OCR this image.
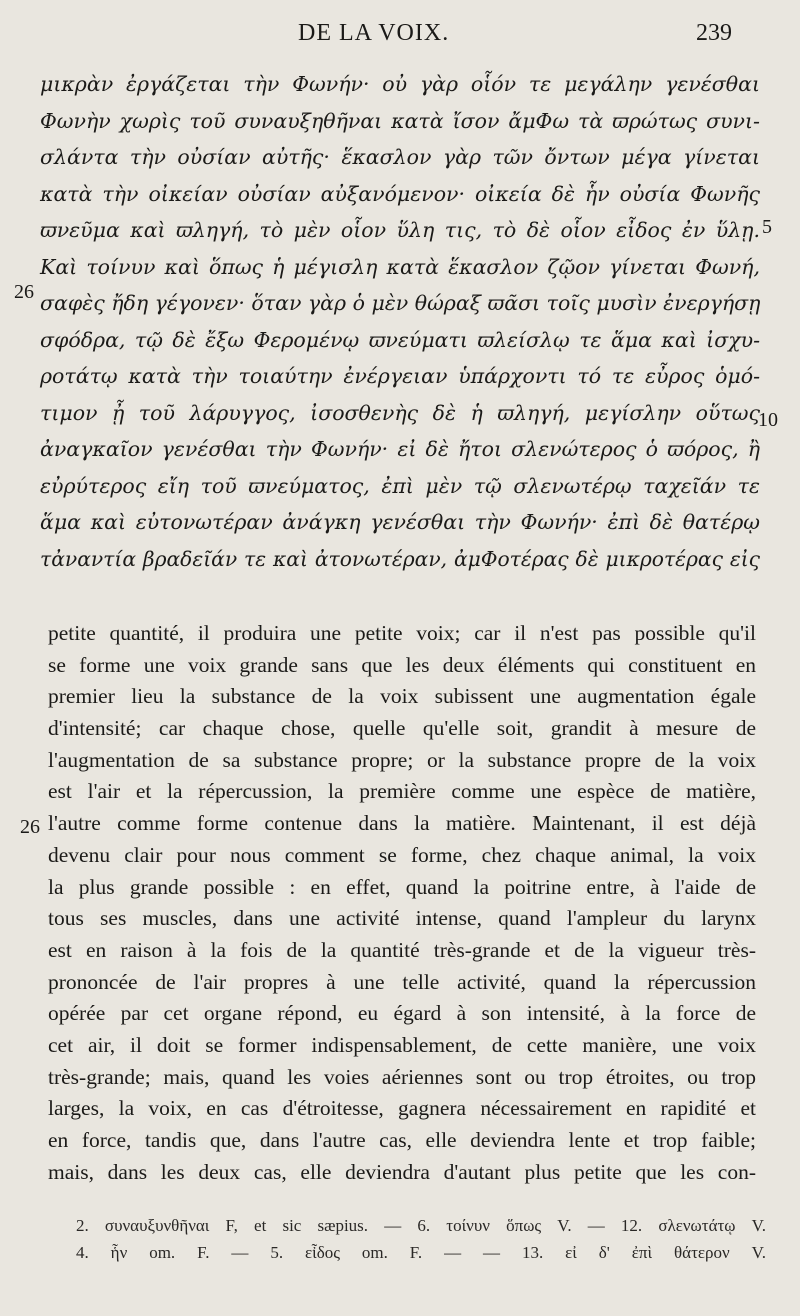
DE LA VOIX.	239
μικρὰν ἐργάζεται τὴν Φωνήν· οὐ γὰρ οἷόν τε μεγάλην γενέσθαι
Φωνὴν χωρὶς τοῦ συναυξηθῆναι κατὰ ἴσον ἄμΦω τὰ ϖρώτως συνι-
σλάντα τὴν οὐσίαν αὐτῆς· ἕκασλον γὰρ τῶν ὄντων μέγα γίνεται
κατὰ τὴν οἰκείαν οὐσίαν αὐξανόμενον· οἰκεία δὲ ἧν οὐσία Φωνῆς
ϖνεῦμα καὶ ϖληγή, τὸ μὲν οἷον ὕλη τις, τὸ δὲ οἷον εἶδος ἐν ὕλῃ.
Καὶ τοίνυν καὶ ὅπως ἡ μέγισλη κατὰ ἕκασλον ζῷον γίνεται Φωνή,
σαφὲς ἤδη γέγονεν· ὅταν γὰρ ὁ μὲν θώραξ ϖᾶσι τοῖς μυσὶν ἐνεργήσῃ
σφόδρα, τῷ δὲ ἔξω Φερομένῳ ϖνεύματι ϖλείσλῳ τε ἅμα καὶ ἰσχυ-
ροτάτῳ κατὰ τὴν τοιαύτην ἐνέργειαν ὑπάρχοντι τό τε εὖρος ὁμό-
τιμον ᾖ τοῦ λάρυγγος, ἰσοσθενὴς δὲ ἡ ϖληγή, μεγίσλην οὕτως
ἀναγκαῖον γενέσθαι τὴν Φωνήν· εἰ δὲ ἤτοι σλενώτερος ὁ ϖόρος, ἢ
εὐρύτερος εἴη τοῦ ϖνεύματος, ἐπὶ μὲν τῷ σλενωτέρῳ ταχεῖάν τε
ἅμα καὶ εὐτονωτέραν ἀνάγκη γενέσθαι τὴν Φωνήν· ἐπὶ δὲ θατέρῳ
τἀναντία βραδεῖάν τε καὶ ἀτονωτέραν, ἀμΦοτέρας δὲ μικροτέρας εἰς
5
26
10
petite quantité, il produira une petite voix; car il n'est pas possible qu'il
se forme une voix grande sans que les deux éléments qui constituent en
premier lieu la substance de la voix subissent une augmentation égale
d'intensité; car chaque chose, quelle qu'elle soit, grandit à mesure de
l'augmentation de sa substance propre; or la substance propre de la voix
est l'air et la répercussion, la première comme une espèce de matière,
l'autre comme forme contenue dans la matière. Maintenant, il est déjà
devenu clair pour nous comment se forme, chez chaque animal, la voix
la plus grande possible : en effet, quand la poitrine entre, à l'aide de
tous ses muscles, dans une activité intense, quand l'ampleur du larynx
est en raison à la fois de la quantité très-grande et de la vigueur très-
prononcée de l'air propres à une telle activité, quand la répercussion
opérée par cet organe répond, eu égard à son intensité, à la force de
cet air, il doit se former indispensablement, de cette manière, une voix
très-grande; mais, quand les voies aériennes sont ou trop étroites, ou trop
larges, la voix, en cas d'étroitesse, gagnera nécessairement en rapidité et
en force, tandis que, dans l'autre cas, elle deviendra lente et trop faible;
mais, dans les deux cas, elle deviendra d'autant plus petite que les con-
26
2. συναυξυνθῆναι F, et sic sæpius. — 6. τοίνυν ὅπως V. — 12. σλενωτάτῳ V.
4. ἧν om. F. — 5. εἶδος om. F. — — 13. εἰ δ' ἐπὶ θάτερον V.
